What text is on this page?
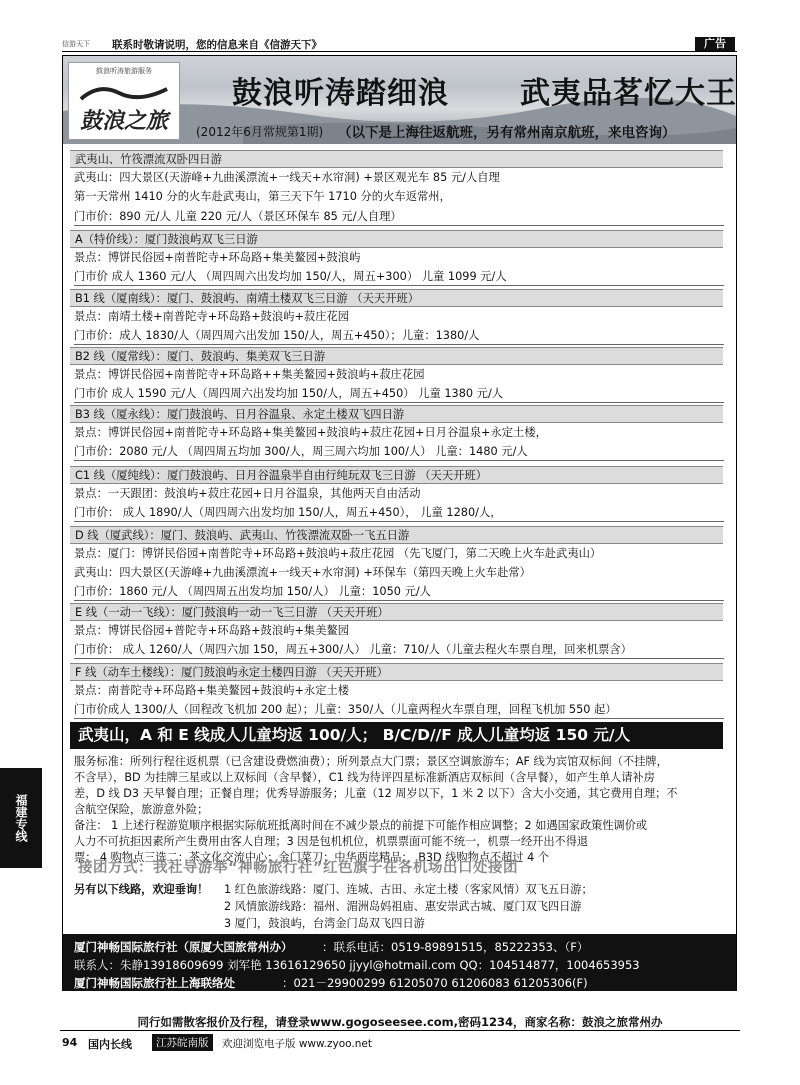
信游天下	联系时敬请说明，您的信息来自《信游天下》	广告
鼓浪听涛旅游服务
鼓浪之旅
鼓浪听涛踏细浪 武夷品茗忆大王
(2012年6月常规第1期) （以下是上海往返航班，另有常州南京航班，来电咨询）
武夷山、竹筏漂流双卧四日游
武夷山：四大景区(天游峰+九曲溪漂流+一线天+水帘洞) +景区观光车 85 元/人自理
第一天常州 1410 分的火车赴武夷山，第三天下午 1710 分的火车返常州，
门市价：890 元/人 儿童 220 元/人（景区环保车 85 元/人自理）
A（特价线）：厦门鼓浪屿双飞三日游
景点：博饼民俗园+南普陀寺+环岛路+集美鳌园+鼓浪屿
门市价 成人 1360 元/人 （周四周六出发均加 150/人，周五+300） 儿童 1099 元/人
B1 线（厦南线）：厦门、鼓浪屿、南靖土楼双飞三日游 （天天开班）
景点：南靖土楼+南普陀寺+环岛路+鼓浪屿+菽庄花园
门市价：成人 1830/人（周四周六出发加 150/人，周五+450）；儿童：1380/人
B2 线（厦常线）：厦门、鼓浪屿、集美双飞三日游
景点：博饼民俗园+南普陀寺+环岛路++集美鳌园+鼓浪屿+菽庄花园
门市价 成人 1590 元/人（周四周六出发均加 150/人，周五+450） 儿童 1380 元/人
B3 线（厦永线）：厦门鼓浪屿、日月谷温泉、永定土楼双飞四日游
景点：博饼民俗园+南普陀寺+环岛路+集美鳌园+鼓浪屿+菽庄花园+日月谷温泉+永定土楼，
门市价：2080 元/人 （周四周五均加 300/人，周三周六均加 100/人） 儿童：1480 元/人
C1 线（厦纯线）：厦门鼓浪屿、日月谷温泉半自由行纯玩双飞三日游 （天天开班）
景点：一天跟团：鼓浪屿+菽庄花园+日月谷温泉，其他两天自由活动
门市价： 成人 1890/人（周四周六出发均加 150/人，周五+450）， 儿童 1280/人，
D 线（厦武线）：厦门、鼓浪屿、武夷山、竹筏漂流双卧一飞五日游
景点：厦门：博饼民俗园+南普陀寺+环岛路+鼓浪屿+菽庄花园 （先飞厦门，第二天晚上火车赴武夷山）
武夷山：四大景区(天游峰+九曲溪漂流+一线天+水帘洞) +环保车（第四天晚上火车赴常）
门市价：1860 元/人 （周四周五出发均加 150/人） 儿童：1050 元/人
E 线（一动一飞线）：厦门鼓浪屿一动一飞三日游 （天天开班）
景点：博饼民俗园+普陀寺+环岛路+鼓浪屿+集美鳌园
门市价： 成人 1260/人（周四六加 150，周五+300/人） 儿童：710/人（儿童去程火车票自理，回来机票含）
F 线（动车土楼线）：厦门鼓浪屿永定土楼四日游 （天天开班）
景点：南普陀寺+环岛路+集美鳌园+鼓浪屿+永定土楼
门市价成人 1300/人（回程改飞机加 200 起）；儿童：350/人（儿童两程火车票自理，回程飞机加 550 起）
武夷山，A 和 E 线成人儿童均返 100/人； B/C/D//F 成人儿童均返 150 元/人
服务标准：所列行程往返机票（已含建设费燃油费）；所列景点大门票；景区空调旅游车；AF 线为宾馆双标间（不挂牌，
不含早），BD 为挂牌三星或以上双标间（含早餐），C1 线为待评四星标准新酒店双标间（含早餐），如产生单人请补房
差，D 线 D3 天早餐自理；正餐自理；优秀导游服务；儿童（12 周岁以下，1 米 2 以下）含大小交通，其它费用自理；不
含航空保险，旅游意外险；
备注： 1 上述行程游览顺序根据实际航班抵离时间在不减少景点的前提下可能作相应调整；2 如遇国家政策性调价或
人力不可抗拒因素所产生费用由客人自理；3 因是包机机位，机票票面可能不统一，机票一经开出不得退
票； 4 购物点三选二：茶文化交流中心；金门菜刀；中华两岸精品；，B3D 线购物点不超过 4 个
接团方式：我社导游举“神畅旅行社”红色旗子在各机场出口处接团
另有以下线路，欢迎垂询！ 1 红色旅游线路：厦门、连城、古田、永定土楼（客家风情）双飞五日游；
2 风情旅游线路：福州、湄洲岛妈祖庙、惠安崇武古城、厦门双飞四日游
3 厦门，鼓浪屿，台湾金门岛双飞四日游
厦门神畅国际旅行社（原厦大国旅常州办）	：联系电话：0519-89891515，85222353、（F）
联系人：朱静13918609699 刘军艳 13616129650 jjyyl@hotmail.com QQ：104514877，1004653953
厦门神畅国际旅行社上海联络处	：021－29900299 61205070 61206083 61205306(F)
同行如需散客报价及行程，请登录www.gogoseesee.com,密码1234，商家名称：鼓浪之旅常州办
94 国内长线	江苏皖南版	欢迎浏览电子版 www.zyoo.net
福建专线
